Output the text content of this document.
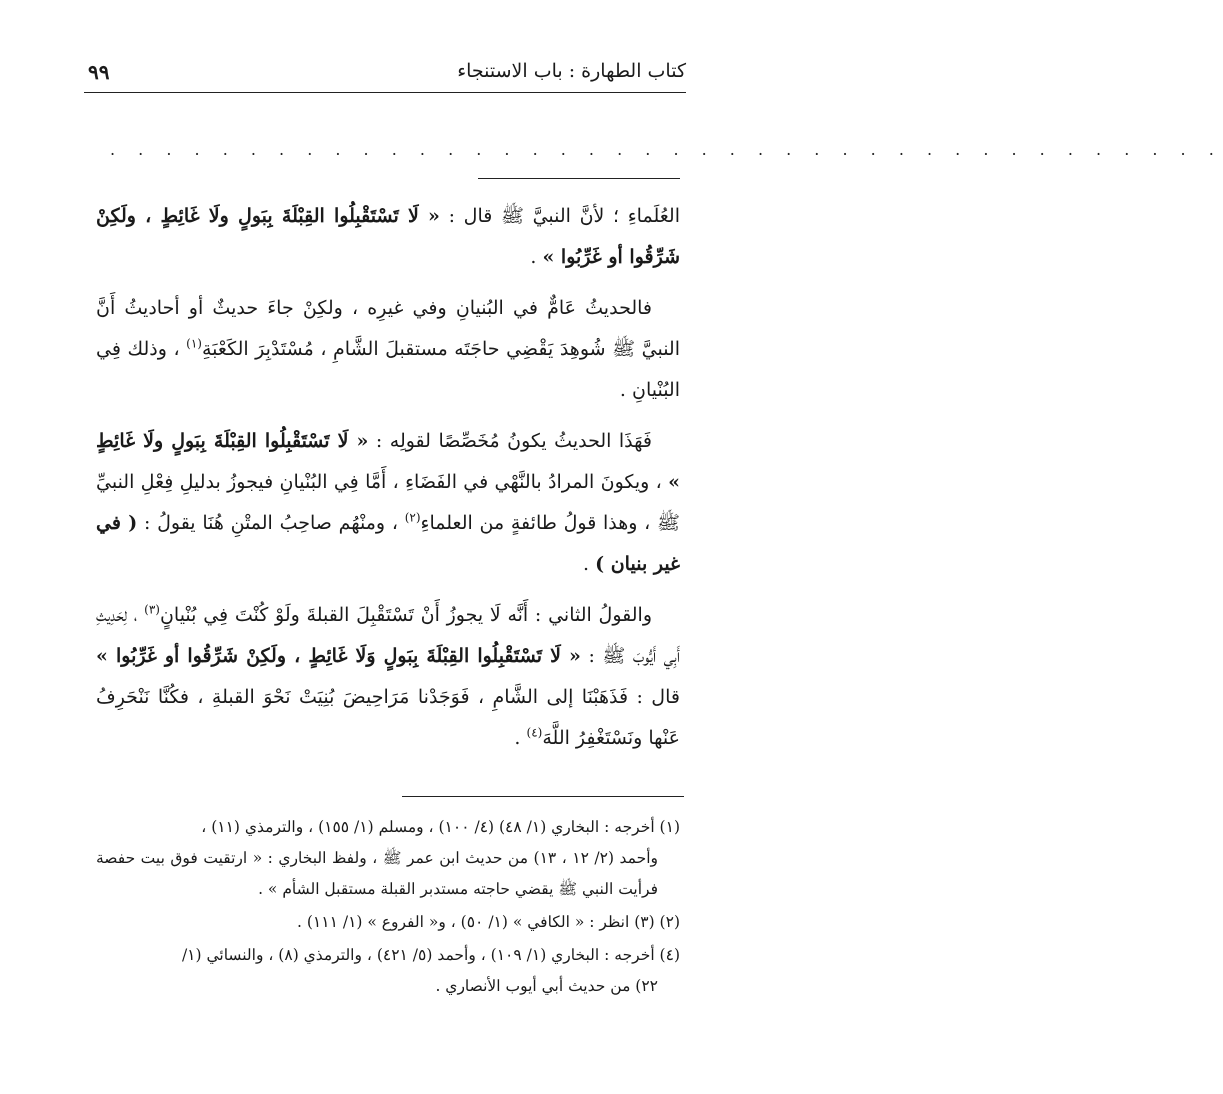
كتاب الطهارة : باب الاستنجاء
٩٩
. . . . . . . . . . . . . . . . . . . . . . . . . . . . . . . . . . . . . . . .

العُلَماءِ ؛ لأنَّ النبيَّ ﷺ قال : « لَا تَسْتَقْبِلُوا القِبْلَةَ بِبَولٍ ولَا غَائِطٍ ، ولَكِنْ شَرِّقُوا أو غَرِّبُوا » .

فالحديثُ عَامٌّ في البُنيانِ وفي غيرِه ، ولكِنْ جاءَ حديثٌ أو أحاديثُ أَنَّ النبيَّ ﷺ شُوهِدَ يَقْضِي حاجَتَه مستقبلَ الشَّامِ ، مُسْتَدْبِرَ الكَعْبَةِ$^{(١)}$ ، وذلك فِي البُنْيانِ .

فَهَذَا الحديثُ يكونُ مُخَصِّصًا لقولِه : « لَا تَسْتَقْبِلُوا القِبْلَةَ بِبَولٍ ولَا غَائِطٍ » ، ويكونَ المرادُ بالنَّهْي في الفَضَاءِ ، أَمَّا فِي البُنْيانِ فيجوزُ بدليلِ فِعْلِ النبيِّ ﷺ ، وهذا قولُ طائفةٍ من العلماءِ$^{(٢)}$ ، ومنْهُم صاحِبُ المتْنِ هُنَا يقولُ : ( في غير بنيان ) .

والقولُ الثاني : أَنَّه لَا يجوزُ أَنْ تَسْتَقْبِلَ القبلةَ ولَوْ كُنْتَ فِي بُنْيانٍ$^{(٣)}$ ، لِحَدِيثِ أَبِي أَيُّوبَ ﷺ : « لَا تَسْتَقْبِلُوا القِبْلَةَ بِبَولٍ وَلَا غَائِطٍ ، ولَكِنْ شَرِّقُوا أو غَرِّبُوا » قال : فَذَهَبْنَا إلى الشَّامِ ، فَوَجَدْنا مَرَاحِيضَ بُنِيَتْ نَحْوَ القبلةِ ، فكُنَّا نَنْحَرِفُ عَنْها ونَسْتَغْفِرُ اللَّهَ$^{(٤)}$ .

(١) أخرجه : البخاري (١/ ٤٨) (٤/ ١٠٠) ، ومسلم (١/ ١٥٥) ، والترمذي (١١) ،
وأحمد (٢/ ١٢ ، ١٣) من حديث ابن عمر ﷺ ، ولفظ البخاري : « ارتقيت فوق بيت حفصة فرأيت النبي ﷺ يقضي حاجته مستدبر القبلة مستقبل الشأم » .
(٢) (٣) انظر : « الكافي » (١/ ٥٠) ، و« الفروع » (١/ ١١١) .
(٤) أخرجه : البخاري (١/ ١٠٩) ، وأحمد (٥/ ٤٢١) ، والترمذي (٨) ، والنسائي (١/
٢٢) من حديث أبي أيوب الأنصاري .
